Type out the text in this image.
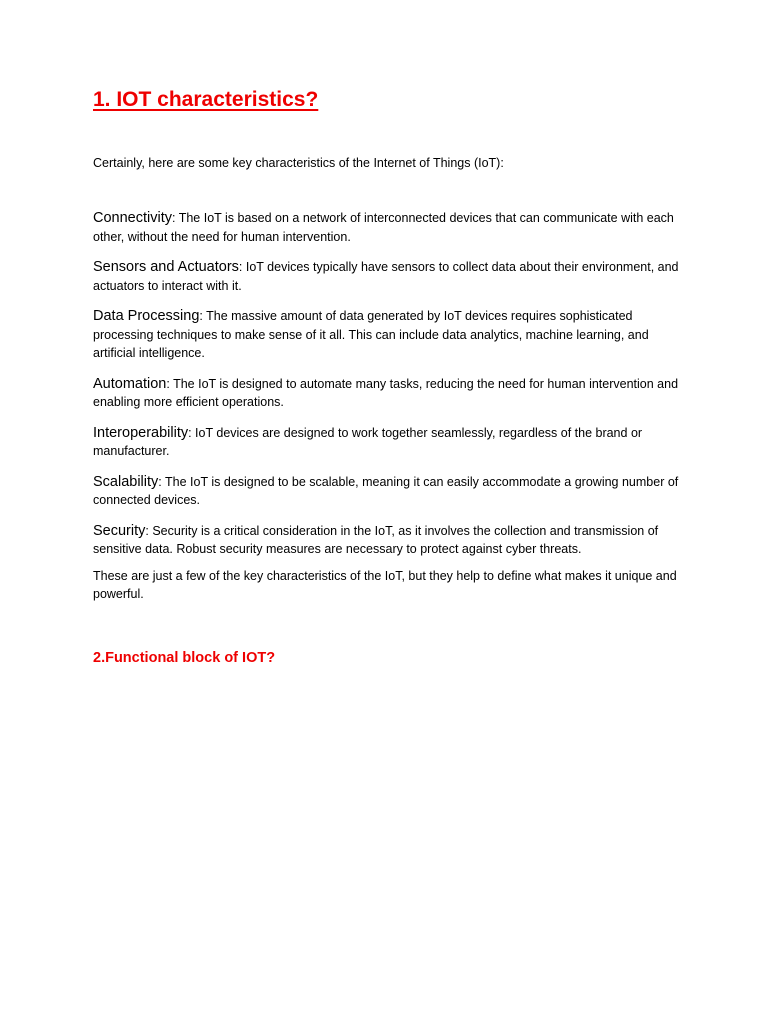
1. IOT characteristics?

Certainly, here are some key characteristics of the Internet of Things (IoT):

Connectivity: The IoT is based on a network of interconnected devices that can communicate with each other, without the need for human intervention.

Sensors and Actuators: IoT devices typically have sensors to collect data about their environment, and actuators to interact with it.

Data Processing: The massive amount of data generated by IoT devices requires sophisticated processing techniques to make sense of it all. This can include data analytics, machine learning, and artificial intelligence.

Automation: The IoT is designed to automate many tasks, reducing the need for human intervention and enabling more efficient operations.

Interoperability: IoT devices are designed to work together seamlessly, regardless of the brand or manufacturer.

Scalability: The IoT is designed to be scalable, meaning it can easily accommodate a growing number of connected devices.

Security: Security is a critical consideration in the IoT, as it involves the collection and transmission of sensitive data. Robust security measures are necessary to protect against cyber threats.

These are just a few of the key characteristics of the IoT, but they help to define what makes it unique and powerful.

2.Functional block of IOT?
